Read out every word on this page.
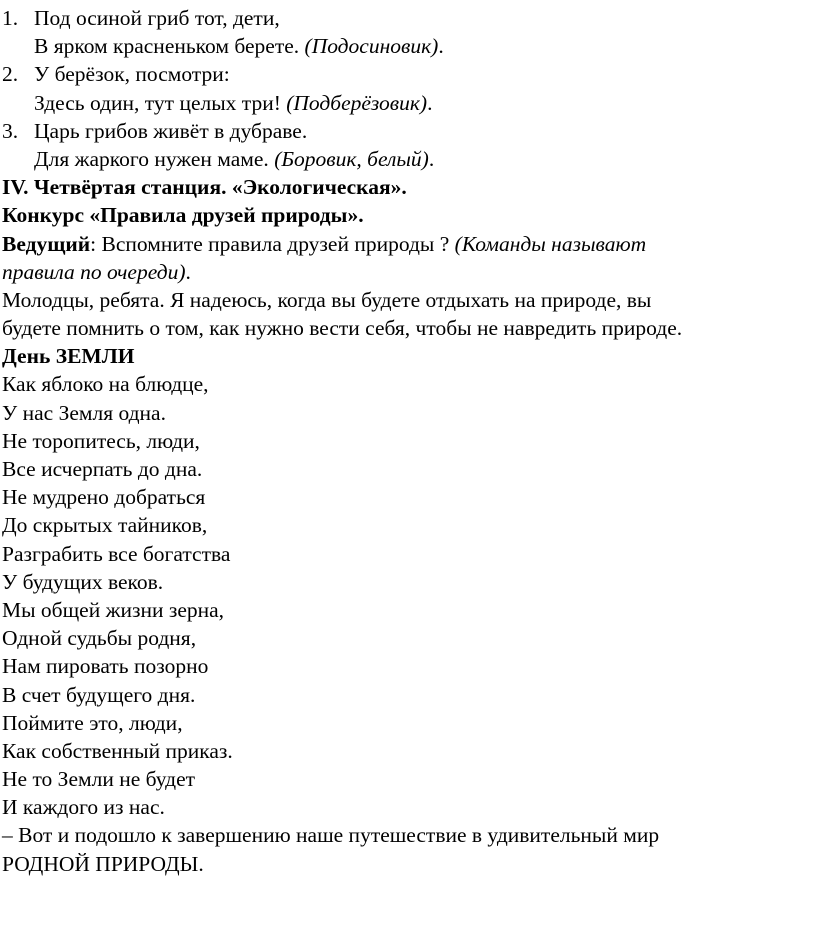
1. Под осиной гриб тот, дети,
В ярком красненьком берете. (Подосиновик).
2. У берёзок, посмотри:
Здесь один, тут целых три! (Подберёзовик).
3. Царь грибов живёт в дубраве.
Для жаркого нужен маме. (Боровик, белый).
IV. Четвёртая станция. «Экологическая».
Конкурс «Правила друзей природы».
Ведущий: Вспомните правила друзей природы ? (Команды называют
правила по очереди).
Молодцы, ребята. Я надеюсь, когда вы будете отдыхать на природе, вы
будете помнить о том, как нужно вести себя, чтобы не навредить природе.
День ЗЕМЛИ
Как яблоко на блюдце,
У нас Земля одна.
Не торопитесь, люди,
Все исчерпать до дна.
Не мудрено добраться
До скрытых тайников,
Разграбить все богатства
У будущих веков.
Мы общей жизни зерна,
Одной судьбы родня,
Нам пировать позорно
В счет будущего дня.
Поймите это, люди,
Как собственный приказ.
Не то Земли не будет
И каждого из нас.
– Вот и подошло к завершению наше путешествие в удивительный мир
РОДНОЙ ПРИРОДЫ.
